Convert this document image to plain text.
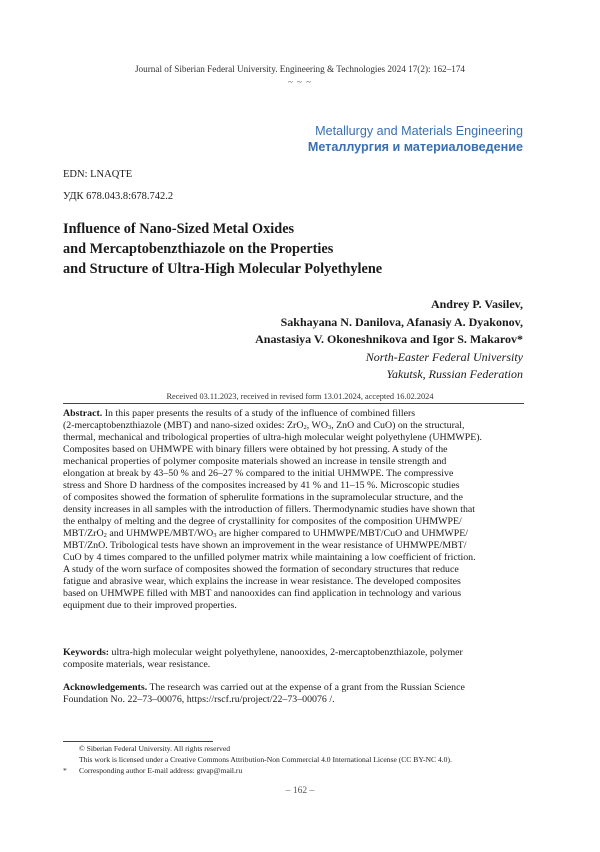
Journal of Siberian Federal University. Engineering & Technologies 2024 17(2): 162–174
~ ~ ~
Metallurgy and Materials Engineering
Металлургия и материаловедение
EDN: LNAQTE
УДК 678.043.8:678.742.2
Influence of Nano-Sized Metal Oxides
and Mercaptobenzthiazole on the Properties
and Structure of Ultra-High Molecular Polyethylene
Andrey P. Vasilev,
Sakhayana N. Danilova, Afanasiy A. Dyakonov,
Anastasiya V. Okoneshnikova and Igor S. Makarov*
North-Easter Federal University
Yakutsk, Russian Federation
Received 03.11.2023, received in revised form 13.01.2024, accepted 16.02.2024
Abstract. In this paper presents the results of a study of the influence of combined fillers
(2-mercaptobenzthiazole (MBT) and nano-sized oxides: ZrO$_2$, $WO_3$, ZnO and CuO) on the structural,
thermal, mechanical and tribological properties of ultra-high molecular weight polyethylene (UHMWPE).
Composites based on UHMWPE with binary fillers were obtained by hot pressing. A study of the
mechanical properties of polymer composite materials showed an increase in tensile strength and
elongation at break by 43–50 % and 26–27 % compared to the initial UHMWPE. The compressive
stress and Shore D hardness of the composites increased by 41 % and 11–15 %. Microscopic studies
of composites showed the formation of spherulite formations in the supramolecular structure, and the
density increases in all samples with the introduction of fillers. Thermodynamic studies have shown that
the enthalpy of melting and the degree of crystallinity for composites of the composition UHMWPE/
MBT/ZrO$_2$ and UHMWPE/$MBT/WO_3$ are higher compared to UHMWPE/MBT/CuO and UHMWPE/
MBT/ZnO. Tribological tests have shown an improvement in the wear resistance of UHMWPE/MBT/
CuO by 4 times compared to the unfilled polymer matrix while maintaining a low coefficient of friction.
A study of the worn surface of composites showed the formation of secondary structures that reduce
fatigue and abrasive wear, which explains the increase in wear resistance. The developed composites
based on UHMWPE filled with MBT and nanooxides can find application in technology and various
equipment due to their improved properties.
Keywords: ultra-high molecular weight polyethylene, nanooxides, 2-mercaptobenzthiazole, polymer
composite materials, wear resistance.
Acknowledgements. The research was carried out at the expense of a grant from the Russian Science
Foundation No. 22–73–00076, https://rscf.ru/project/22–73–00076 /.
© Siberian Federal University. All rights reserved
This work is licensed under a Creative Commons Attribution-Non Commercial 4.0 International License (CC BY-NC 4.0).
* Corresponding author E-mail address: gtvap@mail.ru
– 162 –
